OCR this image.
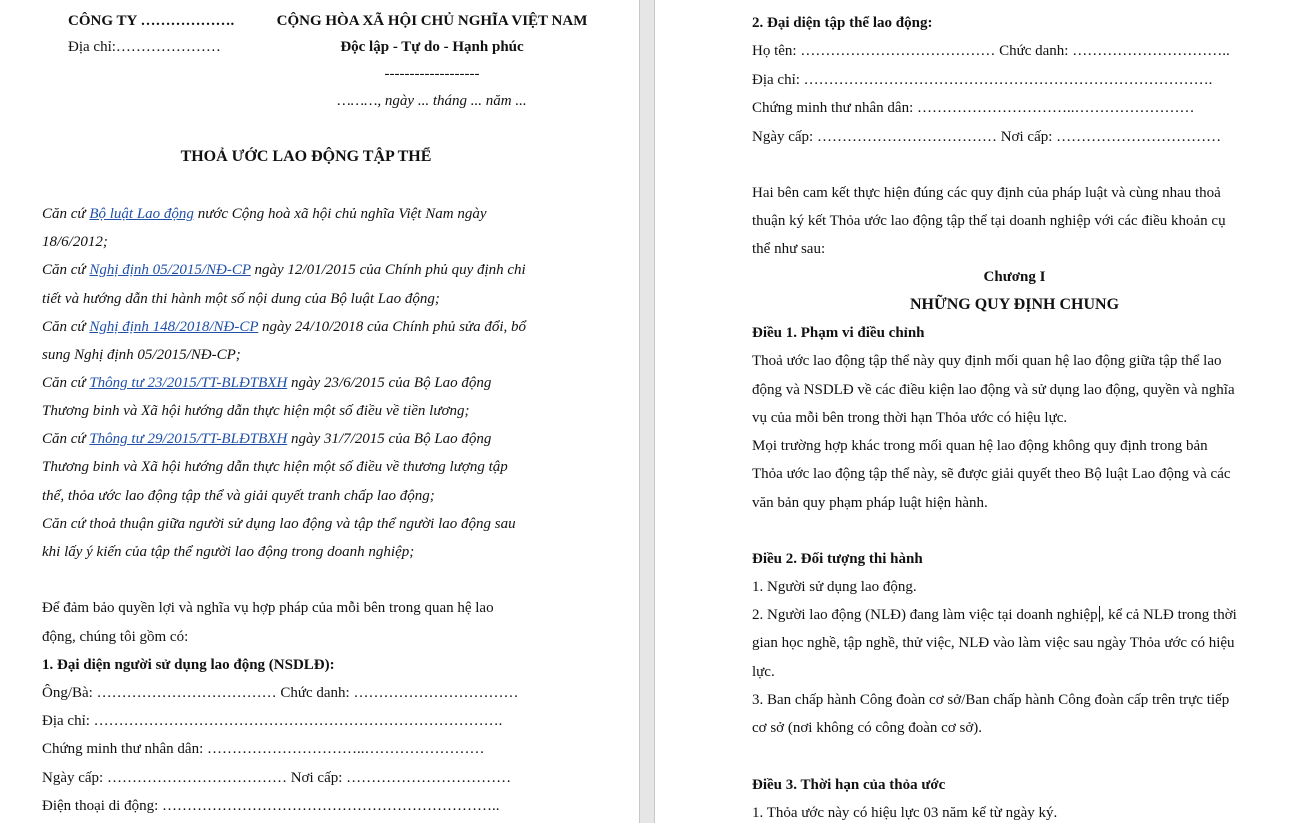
CÔNG TY ……………….
Địa chỉ:…………………
CỘNG HÒA XÃ HỘI CHỦ NGHĨA VIỆT NAM
Độc lập - Tự do - Hạnh phúc
-------------------
………, ngày ... tháng ... năm ...
THOẢ ƯỚC LAO ĐỘNG TẬP THỂ
Căn cứ Bộ luật Lao động nước Cộng hoà xã hội chủ nghĩa Việt Nam ngày
18/6/2012;
Căn cứ Nghị định 05/2015/NĐ-CP ngày 12/01/2015 của Chính phủ quy định chi
tiết và hướng dẫn thi hành một số nội dung của Bộ luật Lao động;
Căn cứ Nghị định 148/2018/NĐ-CP ngày 24/10/2018 của Chính phủ sửa đổi, bổ
sung Nghị định 05/2015/NĐ-CP;
Căn cứ Thông tư 23/2015/TT-BLĐTBXH ngày 23/6/2015 của Bộ Lao động
Thương binh và Xã hội hướng dẫn thực hiện một số điều về tiền lương;
Căn cứ Thông tư 29/2015/TT-BLĐTBXH ngày 31/7/2015 của Bộ Lao động
Thương binh và Xã hội hướng dẫn thực hiện một số điều về thương lượng tập
thể, thỏa ước lao động tập thể và giải quyết tranh chấp lao động;
Căn cứ thoả thuận giữa người sử dụng lao động và tập thể người lao động sau
khi lấy ý kiến của tập thể người lao động trong doanh nghiệp;
Để đảm bảo quyền lợi và nghĩa vụ hợp pháp của mỗi bên trong quan hệ lao
động, chúng tôi gồm có:
1. Đại diện người sử dụng lao động (NSDLĐ):
Ông/Bà: ……………………………… Chức danh: ……………………………
Địa chỉ: ……………………………………………………………………….
Chứng minh thư nhân dân: …………………………..……………………
Ngày cấp: ……………………………… Nơi cấp: ……………………………
Điện thoại di động: …………………………………………………………..
2. Đại diện tập thể lao động:
Họ tên: ………………………………… Chức danh: …………………………..
Địa chỉ: ……………………………………………………………………….
Chứng minh thư nhân dân: …………………………..……………………
Ngày cấp: ……………………………… Nơi cấp: ……………………………
Hai bên cam kết thực hiện đúng các quy định của pháp luật và cùng nhau thoả
thuận ký kết Thỏa ước lao động tập thể tại doanh nghiệp với các điều khoản cụ
thể như sau:
Chương I
NHỮNG QUY ĐỊNH CHUNG
Điều 1. Phạm vi điều chỉnh
Thoả ước lao động tập thể này quy định mối quan hệ lao động giữa tập thể lao
động và NSDLĐ về các điều kiện lao động và sử dụng lao động, quyền và nghĩa
vụ của mỗi bên trong thời hạn Thỏa ước có hiệu lực.
Mọi trường hợp khác trong mối quan hệ lao động không quy định trong bản
Thỏa ước lao động tập thể này, sẽ được giải quyết theo Bộ luật Lao động và các
văn bản quy phạm pháp luật hiện hành.
Điều 2. Đối tượng thi hành
1. Người sử dụng lao động.
2. Người lao động (NLĐ) đang làm việc tại doanh nghiệp , kể cả NLĐ trong thời
gian học nghề, tập nghề, thử việc, NLĐ vào làm việc sau ngày Thỏa ước có hiệu
lực.
3. Ban chấp hành Công đoàn cơ sở/Ban chấp hành Công đoàn cấp trên trực tiếp
cơ sở (nơi không có công đoàn cơ sở).
Điều 3. Thời hạn của thỏa ước
1. Thỏa ước này có hiệu lực 03 năm kể từ ngày ký.
